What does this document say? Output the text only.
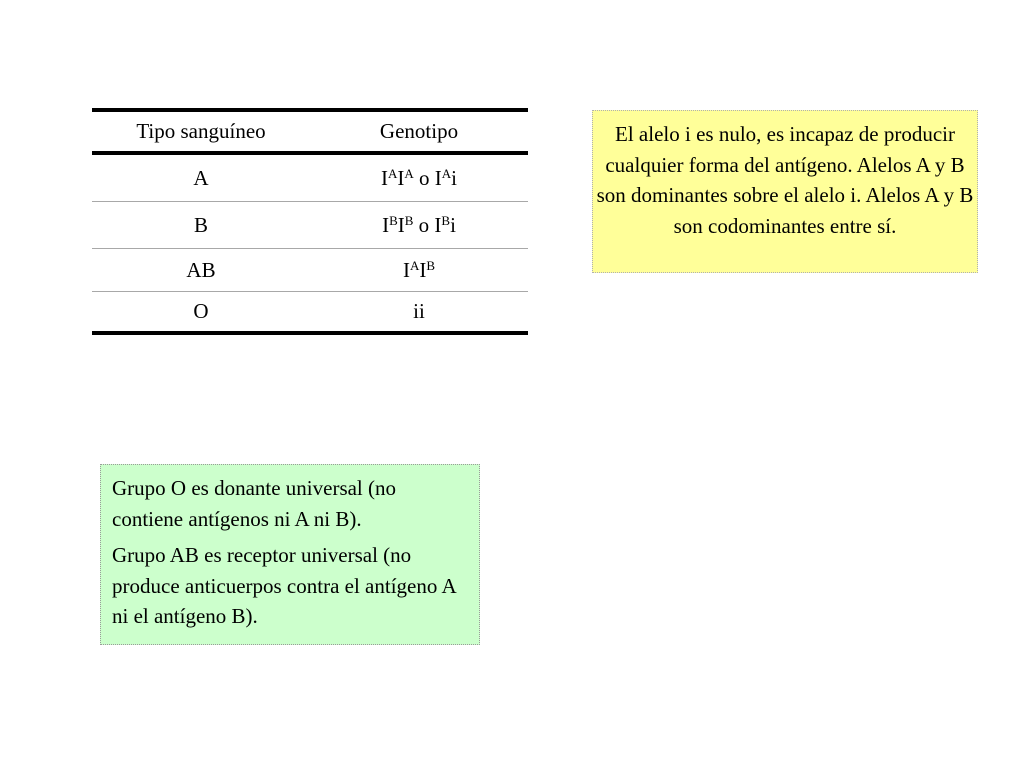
Tipo sanguíneo	Genotipo
A	$I^AI^A$ o $I^Ai$
B	$I^BI^B$ o $I^Bi$
AB	$I^AI^B$
O	ii
El alelo i es nulo, es incapaz de producir cualquier forma del antígeno. Alelos A y B son dominantes sobre el alelo i. Alelos A y B son codominantes entre sí.

Grupo O es donante universal (no contiene antígenos ni A ni B).

Grupo AB es receptor universal (no produce anticuerpos contra el antígeno A ni el antígeno B).
